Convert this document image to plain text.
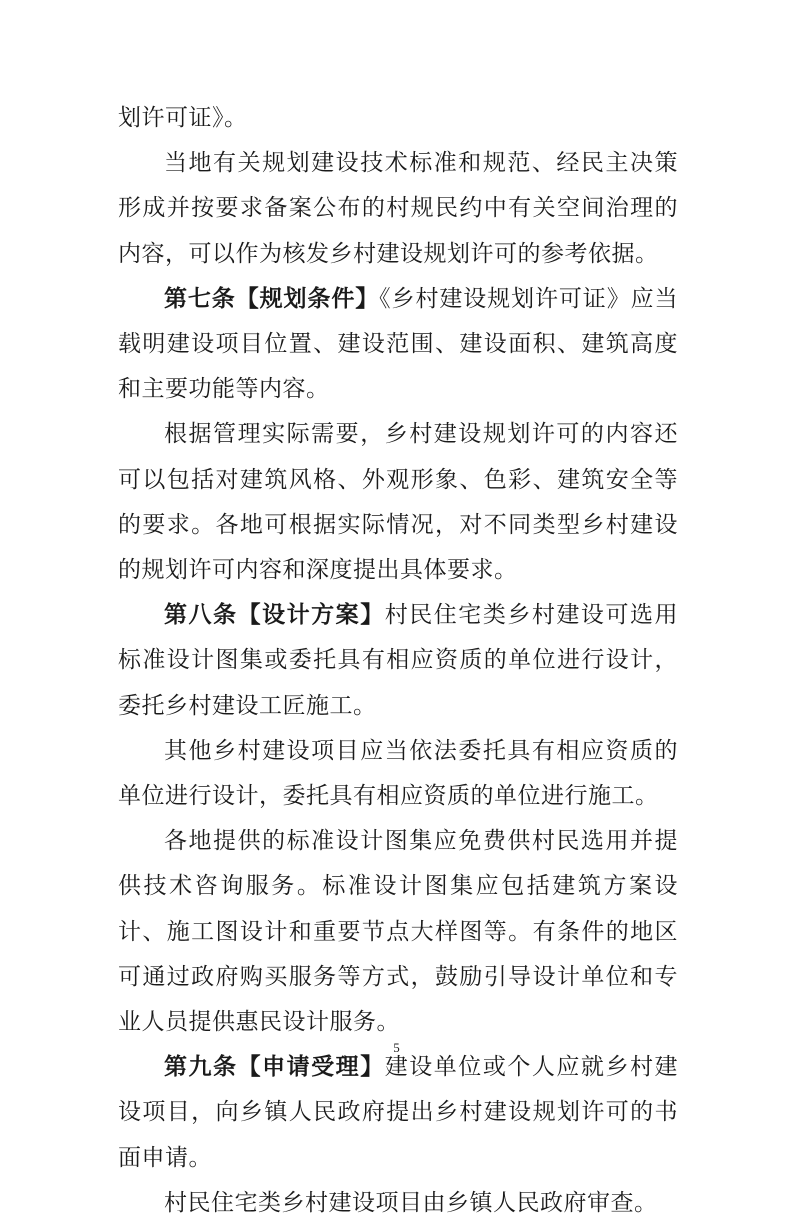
划许可证》。

当地有关规划建设技术标准和规范、经民主决策形成并按要求备案公布的村规民约中有关空间治理的内容，可以作为核发乡村建设规划许可的参考依据。

第七条【规划条件】《乡村建设规划许可证》应当载明建设项目位置、建设范围、建设面积、建筑高度和主要功能等内容。

根据管理实际需要，乡村建设规划许可的内容还可以包括对建筑风格、外观形象、色彩、建筑安全等的要求。各地可根据实际情况，对不同类型乡村建设的规划许可内容和深度提出具体要求。

第八条【设计方案】村民住宅类乡村建设可选用标准设计图集或委托具有相应资质的单位进行设计，委托乡村建设工匠施工。

其他乡村建设项目应当依法委托具有相应资质的单位进行设计，委托具有相应资质的单位进行施工。

各地提供的标准设计图集应免费供村民选用并提供技术咨询服务。标准设计图集应包括建筑方案设计、施工图设计和重要节点大样图等。有条件的地区可通过政府购买服务等方式，鼓励引导设计单位和专业人员提供惠民设计服务。

第九条【申请受理】建设单位或个人应就乡村建设项目，向乡镇人民政府提出乡村建设规划许可的书面申请。

村民住宅类乡村建设项目由乡镇人民政府审查。

5
